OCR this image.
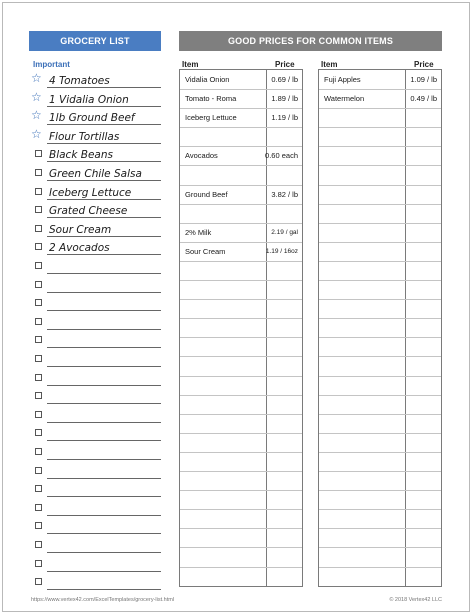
GROCERY LIST	GOOD PRICES FOR COMMON ITEMS
Important
☆ 4 Tomatoes
☆ 1 Vidalia Onion
☆ 1lb Ground Beef
☆ Flour Tortillas
Black Beans
Green Chile Salsa
Iceberg Lettuce
Grated Cheese
Sour Cream
2 Avocados
Item	Price
Vidalia Onion	0.69 / lb
Tomato - Roma	1.89 / lb
Iceberg Lettuce	1.19 / lb
Avocados	0.60 each
Ground Beef	3.82 / lb
2% Milk	2.19 / gal
Sour Cream	1.19 / 16oz
Item	Price
Fuji Apples	1.09 / lb
Watermelon	0.49 / lb
https://www.vertex42.com/ExcelTemplates/grocery-list.html	© 2018 Vertex42 LLC
